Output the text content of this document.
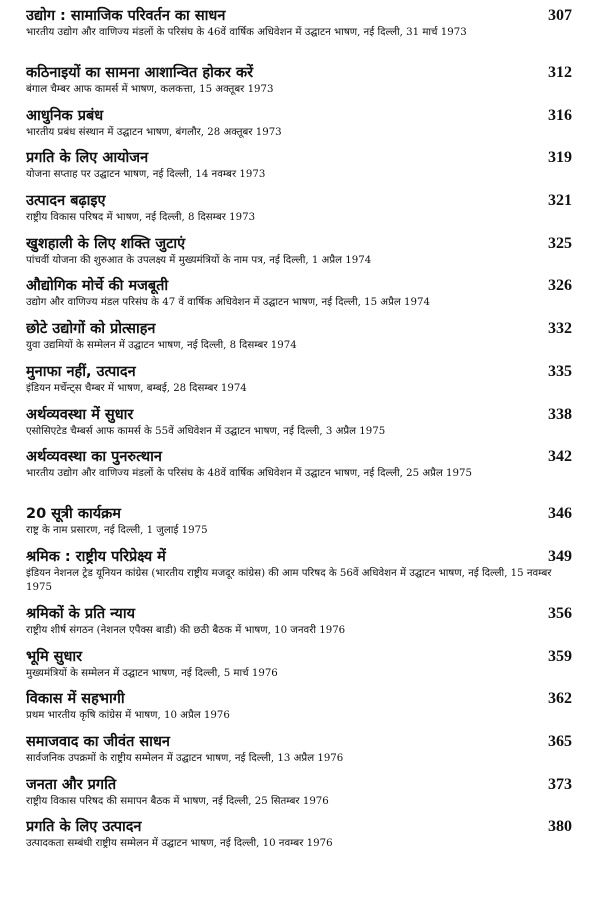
उद्योग : सामाजिक परिवर्तन का साधन	307
भारतीय उद्योग और वाणिज्य मंडलों के परिसंघ के 46वें वार्षिक अधिवेशन में उद्घाटन भाषण, नई दिल्ली, 31 मार्च 1973
कठिनाइयों का सामना आशान्वित होकर करें	312
बंगाल चैम्बर आफ कामर्स में भाषण, कलकत्ता, 15 अक्तूबर 1973
आधुनिक प्रबंध	316
भारतीय प्रबंध संस्थान में उद्घाटन भाषण, बंगलौर, 28 अक्तूबर 1973
प्रगति के लिए आयोजन	319
योजना सप्ताह पर उद्घाटन भाषण, नई दिल्ली, 14 नवम्बर 1973
उत्पादन बढ़ाइए	321
राष्ट्रीय विकास परिषद में भाषण, नई दिल्ली, 8 दिसम्बर 1973
खुशहाली के लिए शक्ति जुटाएं	325
पांचवीं योजना की शुरुआत के उपलक्ष्य में मुख्यमंत्रियों के नाम पत्र, नई दिल्ली, 1 अप्रैल 1974
औद्योगिक मोर्चे की मजबूती	326
उद्योग और वाणिज्य मंडल परिसंघ के 47 वें वार्षिक अधिवेशन में उद्घाटन भाषण, नई दिल्ली, 15 अप्रैल 1974
छोटे उद्योगों को प्रोत्साहन	332
युवा उद्यमियों के सम्मेलन में उद्घाटन भाषण, नई दिल्ली, 8 दिसम्बर 1974
मुनाफा नहीं, उत्पादन	335
इंडियन मर्चेन्ट्स चैम्बर में भाषण, बम्बई, 28 दिसम्बर 1974
अर्थव्यवस्था में सुधार	338
एसोसिएटेड चैम्बर्स आफ कामर्स के 55वें अधिवेशन में उद्घाटन भाषण, नई दिल्ली, 3 अप्रैल 1975
अर्थव्यवस्था का पुनरुत्थान	342
भारतीय उद्योग और वाणिज्य मंडलों के परिसंघ के 48वें वार्षिक अधिवेशन में उद्घाटन भाषण, नई दिल्ली, 25 अप्रैल 1975
20 सूत्री कार्यक्रम	346
राष्ट्र के नाम प्रसारण, नई दिल्ली, 1 जुलाई 1975
श्रमिक : राष्ट्रीय परिप्रेक्ष्य में	349
इंडियन नेशनल ट्रेड यूनियन कांग्रेस (भारतीय राष्ट्रीय मजदूर कांग्रेस) की आम परिषद के 56वें अधिवेशन में उद्घाटन भाषण, नई दिल्ली, 15 नवम्बर 1975
श्रमिकों के प्रति न्याय	356
राष्ट्रीय शीर्ष संगठन (नेशनल एपैक्स बाडी) की छठी बैठक में भाषण, 10 जनवरी 1976
भूमि सुधार	359
मुख्यमंत्रियों के सम्मेलन में उद्घाटन भाषण, नई दिल्ली, 5 मार्च 1976
विकास में सहभागी	362
प्रथम भारतीय कृषि कांग्रेस में भाषण, 10 अप्रैल 1976
समाजवाद का जीवंत साधन	365
सार्वजनिक उपक्रमों के राष्ट्रीय सम्मेलन में उद्घाटन भाषण, नई दिल्ली, 13 अप्रैल 1976
जनता और प्रगति	373
राष्ट्रीय विकास परिषद की समापन बैठक में भाषण, नई दिल्ली, 25 सितम्बर 1976
प्रगति के लिए उत्पादन	380
उत्पादकता सम्बंधी राष्ट्रीय सम्मेलन में उद्घाटन भाषण, नई दिल्ली, 10 नवम्बर 1976
